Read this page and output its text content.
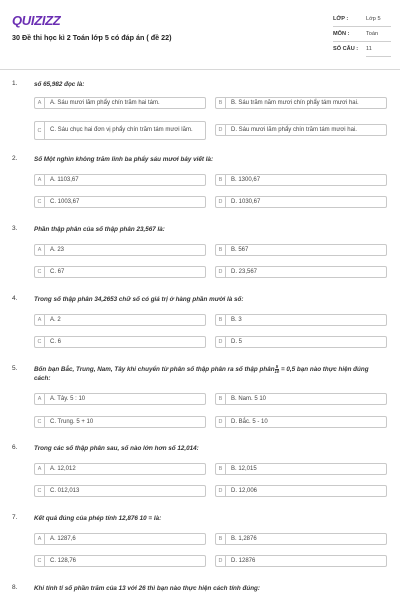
QUIZIZZ
30 Đề thi học kì 2 Toán lớp 5 có đáp án ( đề 22)
LỚP :	Lớp 5
MÔN :	Toán
SỐ CÂU : 11
1.	số 65,982 đọc là:
A	A. Sáu mươi lăm phẩy chín trăm hai tám.	B	B. Sáu trăm năm mươi chín phẩy tám mươi hai.
C	C. Sáu chục hai đơn vị phẩy chín trăm tám mươi lăm.	D	D. Sáu mươi lăm phẩy chín trăm tám mươi hai.
2.	Số Một nghìn không trăm linh ba phẩy sáu mươi bảy viết là:
A	A. 1103,67	B	B. 1300,67
C	C. 1003,67	D	D. 1030,67
3.	Phần thập phân của số thập phân 23,567 là:
A	A. 23	B	B. 567
C	C. 67	D	D. 23,567
4.	Trong số thập phân 34,2653 chữ số có giá trị ở hàng phần mười là số:
A	A. 2	B	B. 3
C	C. 6	D	D. 5
5.	Bốn bạn Bắc, Trung, Nam, Tây khi chuyển từ phân số thập phân ra số thập phân $\frac{5}{10} = 0,5$ bạn nào thực hiện đúng cách:
A	A. Tây. 5 : 10	B	B. Nam. 5 10
C	C. Trung. 5 + 10	D	D. Bắc. 5 - 10
6.	Trong các số thập phân sau, số nào lớn hơn số 12,014:
A	A. 12,012	B	B. 12,015
C	C. 012,013	D	D. 12,006
7.	Kết quả đúng của phép tính 12,876 10 = là:
A	A. 1287,6	B	B. 1,2876
C	C. 128,76	D	D. 12876
8.	Khi tính tỉ số phần trăm của 13 với 26 thì bạn nào thực hiện cách tính đúng:
